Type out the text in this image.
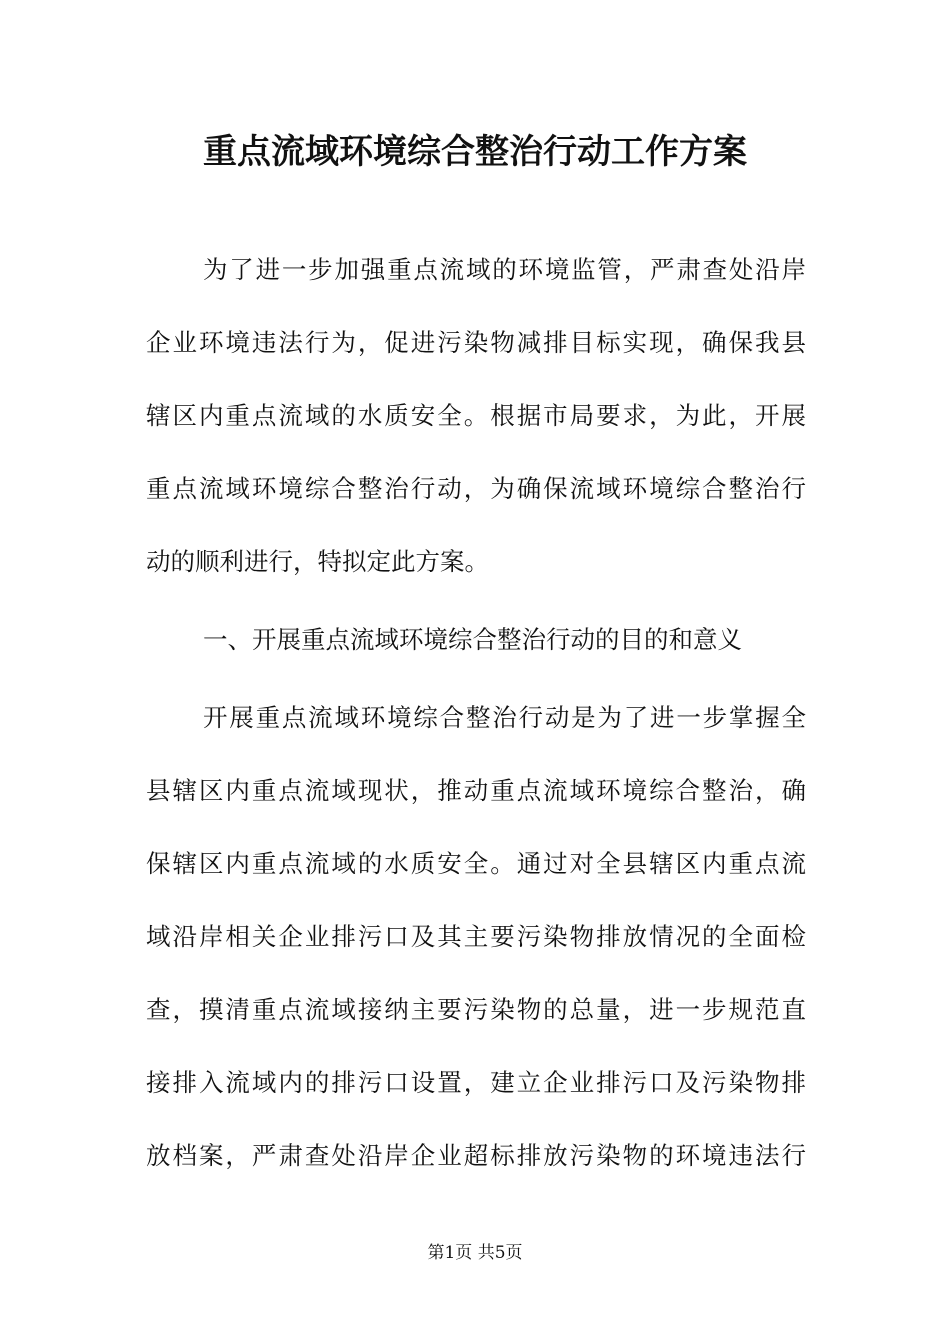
重点流域环境综合整治行动工作方案
为了进一步加强重点流域的环境监管，严肃查处沿岸
企业环境违法行为，促进污染物减排目标实现，确保我县
辖区内重点流域的水质安全。根据市局要求，为此，开展
重点流域环境综合整治行动，为确保流域环境综合整治行
动的顺利进行，特拟定此方案。
一、开展重点流域环境综合整治行动的目的和意义
开展重点流域环境综合整治行动是为了进一步掌握全
县辖区内重点流域现状，推动重点流域环境综合整治，确
保辖区内重点流域的水质安全。通过对全县辖区内重点流
域沿岸相关企业排污口及其主要污染物排放情况的全面检
查，摸清重点流域接纳主要污染物的总量，进一步规范直
接排入流域内的排污口设置，建立企业排污口及污染物排
放档案，严肃查处沿岸企业超标排放污染物的环境违法行
第1页 共5页
